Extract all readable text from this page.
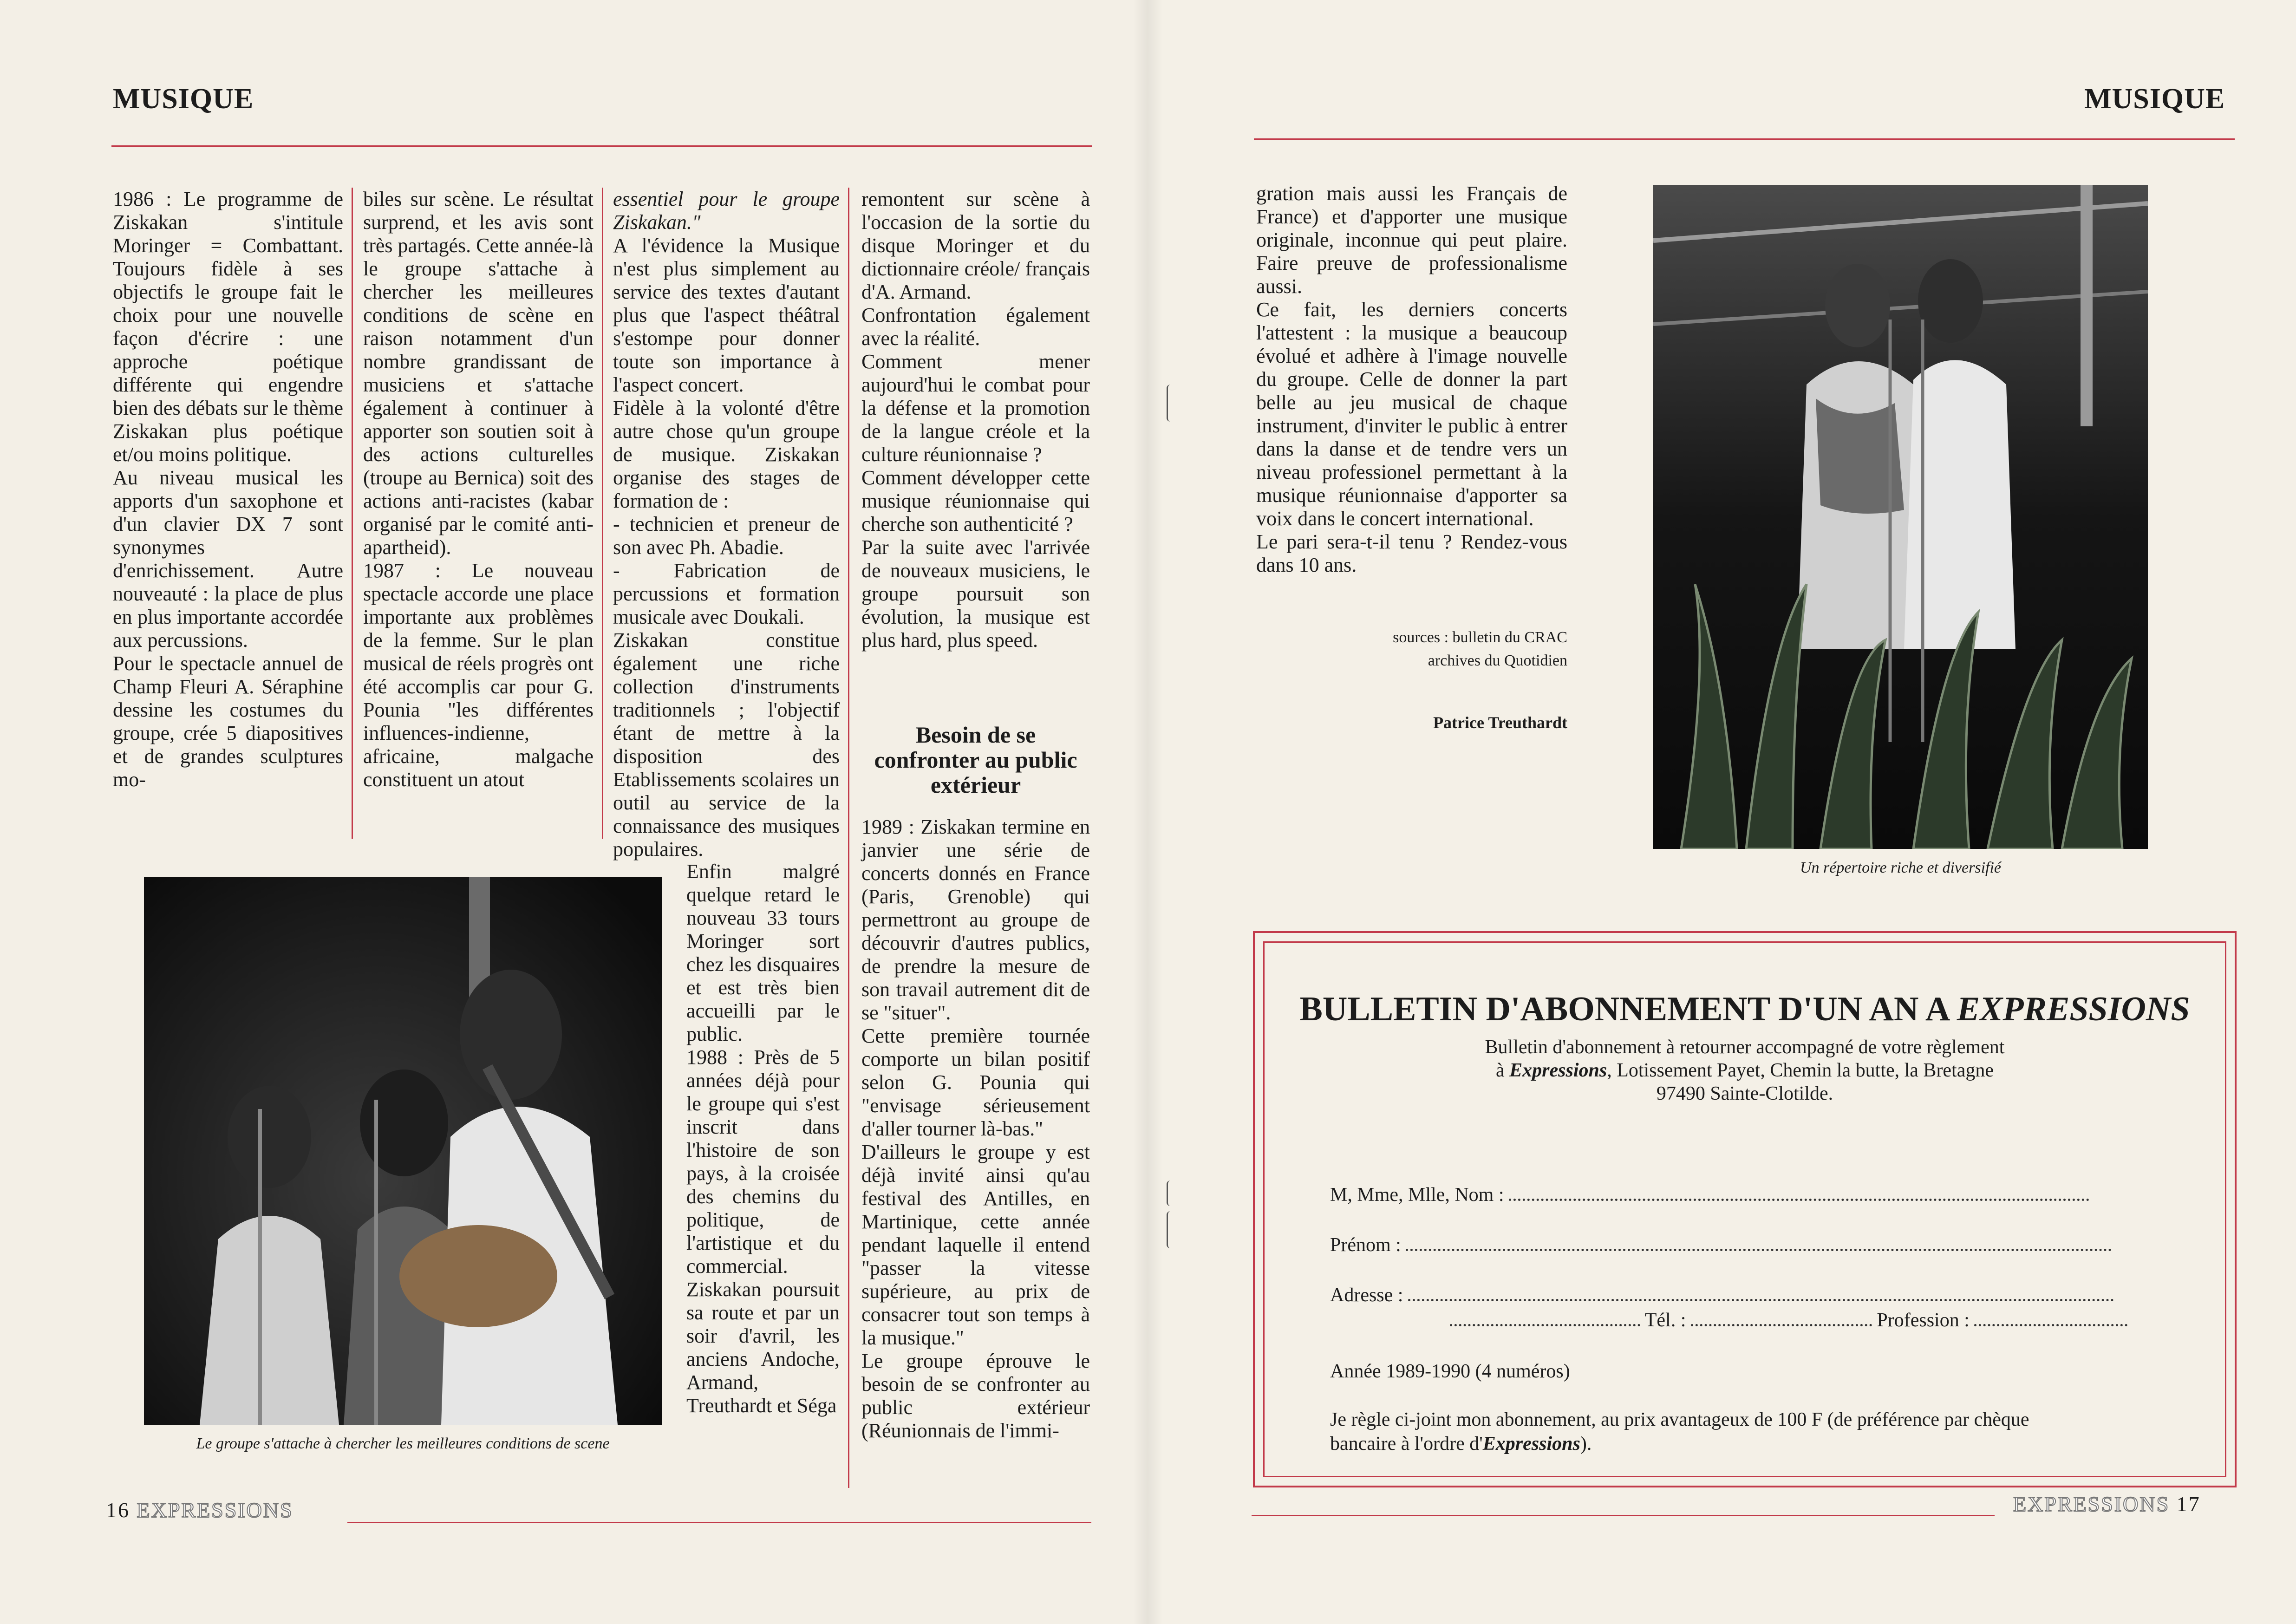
MUSIQUE

1986 : Le programme de Ziskakan s'intitule Moringer = Combattant. Toujours fidèle à ses objectifs le groupe fait le choix pour une nouvelle façon d'écrire : une approche poétique différente qui engendre bien des débats sur le thème Ziskakan plus poétique et/ou moins politique.

Au niveau musical les apports d'un saxophone et d'un clavier DX 7 sont synonymes d'enrichissement. Autre nouveauté : la place de plus en plus importante accordée aux percussions.

Pour le spectacle annuel de Champ Fleuri A. Séraphine dessine les costumes du groupe, crée 5 diapositives et de grandes sculptures mo-

biles sur scène. Le résultat surprend, et les avis sont très partagés. Cette année-là le groupe s'attache à chercher les meilleures conditions de scène en raison notamment d'un nombre grandissant de musiciens et s'attache également à continuer à apporter son soutien soit à des actions culturelles (troupe au Bernica) soit des actions anti-racistes (kabar organisé par le comité anti-apartheid).

1987 : Le nouveau spectacle accorde une place importante aux problèmes de la femme. Sur le plan musical de réels progrès ont été accomplis car pour G. Pounia "les différentes influences-indienne, africaine, malgache constituent un atout

essentiel pour le groupe Ziskakan."

A l'évidence la Musique n'est plus simplement au service des textes d'autant plus que l'aspect théâtral s'estompe pour donner toute son importance à l'aspect concert.

Fidèle à la volonté d'être autre chose qu'un groupe de musique. Ziskakan organise des stages de formation de :

- technicien et preneur de son avec Ph. Abadie.

- Fabrication de percussions et formation musicale avec Doukali.

Ziskakan constitue également une riche collection d'instruments traditionnels ; l'objectif étant de mettre à la disposition des Etablissements scolaires un outil au service de la connaissance des musiques populaires.

Enfin malgré quelque retard le nouveau 33 tours Moringer sort chez les disquaires et est très bien accueilli par le public.

1988 : Près de 5 années déjà pour le groupe qui s'est inscrit dans l'histoire de son pays, à la croisée des chemins du politique, de l'artistique et du commercial.

Ziskakan poursuit sa route et par un soir d'avril, les anciens Andoche, Armand, Treuthardt et Séga

remontent sur scène à l'occasion de la sortie du disque Moringer et du dictionnaire créole/ français d'A. Armand.

Confrontation également avec la réalité.

Comment mener aujourd'hui le combat pour la défense et la promotion de la langue créole et la culture réunionnaise ?

Comment développer cette musique réunionnaise qui cherche son authenticité ?

Par la suite avec l'arrivée de nouveaux musiciens, le groupe poursuit son évolution, la musique est plus hard, plus speed.

Besoin de se confronter au public extérieur

1989 : Ziskakan termine en janvier une série de concerts donnés en France (Paris, Grenoble) qui permettront au groupe de découvrir d'autres publics, de prendre la mesure de son travail autrement dit de se "situer".

Cette première tournée comporte un bilan positif selon G. Pounia qui "envisage sérieusement d'aller tourner là-bas."

D'ailleurs le groupe y est déjà invité ainsi qu'au festival des Antilles, en Martinique, cette année pendant laquelle il entend "passer la vitesse supérieure, au prix de consacrer tout son temps à la musique."

Le groupe éprouve le besoin de se confronter au public extérieur (Réunionnais de l'immi-

Le groupe s'attache à chercher les meilleures conditions de scene
16 EXPRESSIONS
MUSIQUE

gration mais aussi les Français de France) et d'apporter une musique originale, inconnue qui peut plaire. Faire preuve de professionalisme aussi.

Ce fait, les derniers concerts l'attestent : la musique a beaucoup évolué et adhère à l'image nouvelle du groupe. Celle de donner la part belle au jeu musical de chaque instrument, d'inviter le public à entrer dans la danse et de tendre vers un niveau professionel permettant à la musique réunionnaise d'apporter sa voix dans le concert international.

Le pari sera-t-il tenu ? Rendez-vous dans 10 ans.

sources : bulletin du CRAC
archives du Quotidien
Patrice Treuthardt
Un répertoire riche et diversifié
BULLETIN D'ABONNEMENT D'UN AN A EXPRESSIONS
Bulletin d'abonnement à retourner accompagné de votre règlement
à Expressions, Lotissement Payet, Chemin la butte, la Bretagne
97490 Sainte-Clotilde.
M, Mme, Mlle, Nom :
Prénom :
Adresse :
Tél. :	Profession :
Année 1989-1990 (4 numéros)
Je règle ci-joint mon abonnement, au prix avantageux de 100 F (de préférence par chèque
bancaire à l'ordre d'Expressions).
EXPRESSIONS 17
